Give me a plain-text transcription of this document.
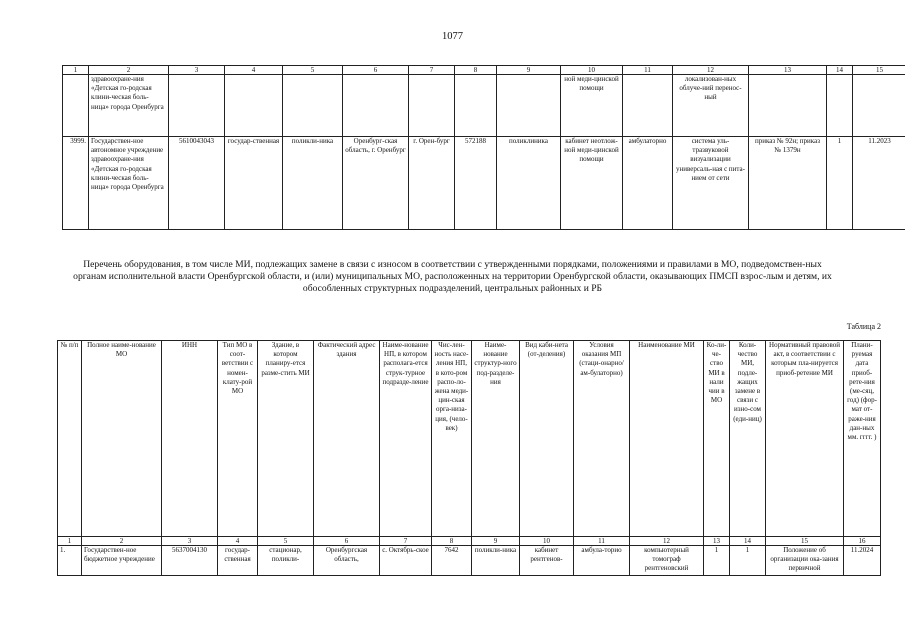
1077
1	2	3	4	5	6	7	8	9	10	11	12	13	14	15
	здравоохране-ния «Детская го-родская клини-ческая боль-ница» города Оренбурга								ной меди-цинской помощи		локализован-ных облуче-ний перенос-ный			
3999.	Государствен-ное автономное учреждение здравоохране-ния «Детская го-родская клини-ческая боль-ница» города Оренбурга	5610043043	государ-ственная	поликли-ника	Оренбург-ская область, г. Оренбург	г. Орен-бург	572188	поликлиника	кабинет неотлож-ной меди-цинской помощи	амбулаторно	система уль-тразвуковой визуализации универсаль-ная с пита-нием от сети	приказ № 92н; приказ № 1379н	1	11.2023
Перечень оборудования, в том числе МИ, подлежащих замене в связи с износом в соответствии с утвержденными порядками, положениями и правилами в МО, подведомствен-ных органам исполнительной власти Оренбургской области, и (или) муниципальных МО, расположенных на территории Оренбургской области, оказывающих ПМСП взрос-лым и детям, их обособленных структурных подразделений, центральных районных и РБ
Таблица 2
№ п/п	Полное наиме-нование МО	ИНН	Тип МО в соот-ветствии с номен-клату-рой МО	Здание, в котором планиру-ется разме-стить МИ	Фактический адрес здания	Наиме-нование НП, в котором располага-ется струк-турное подразде-ление	Чис-лен-ность насе-ления НП, в кото-ром распо-ло-жена меди-цин-ская орга-низа-ция, (чело-век)	Наиме-нование структур-ного под-разделе-ния	Вид каби-нета (от-деления)	Условия оказания МП (стаци-онарно/ам-булаторно)	Наименование МИ	Ко-ли-че-ство МИ в нали чии в МО	Коли-чество МИ, подле-жащих замене в связи с изно-сом (еди-ниц)	Нормативный правовой акт, в соответствии с которым пла-нируется приоб-ретение МИ	Плани-руемая дата приоб-рете-ния (ме-сяц, год) (фор-мат от-раже-ния дан-ных мм. гггг. )
1	2	3	4	5	6	7	8	9	10	11	12	13	14	15	16
1.	Государствен-ное бюджетное учреждение	5637004130	государ-ственная	стационар, поликли-	Оренбургская область,	с. Октябрь-ское	7642	поликли-ника	кабинет рентгенов-	амбула-торио	компьютерный томограф рентгеновский	1	1	Положение об организации ока-зания первичной	11.2024
